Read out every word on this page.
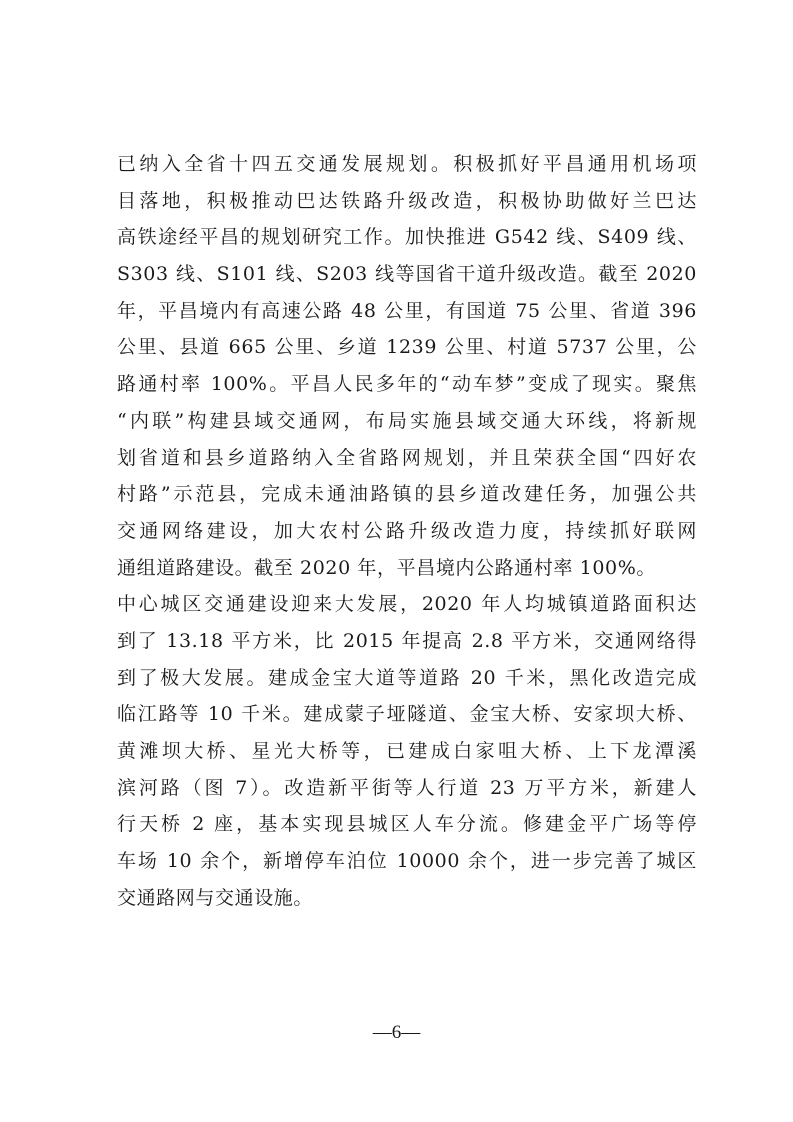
已纳入全省十四五交通发展规划。积极抓好平昌通用机场项
目落地，积极推动巴达铁路升级改造，积极协助做好兰巴达
高铁途经平昌的规划研究工作。加快推进 G542 线、S409 线、
S303 线、S101 线、S203 线等国省干道升级改造。截至 2020
年，平昌境内有高速公路 48 公里，有国道 75 公里、省道 396
公里、县道 665 公里、乡道 1239 公里、村道 5737 公里，公
路通村率 100%。平昌人民多年的“动车梦”变成了现实。聚焦
“内联”构建县域交通网，布局实施县域交通大环线，将新规
划省道和县乡道路纳入全省路网规划，并且荣获全国“四好农
村路”示范县，完成未通油路镇的县乡道改建任务，加强公共
交通网络建设，加大农村公路升级改造力度，持续抓好联网
通组道路建设。截至 2020 年，平昌境内公路通村率 100%。
中心城区交通建设迎来大发展，2020 年人均城镇道路面积达
到了 13.18 平方米，比 2015 年提高 2.8 平方米，交通网络得
到了极大发展。建成金宝大道等道路 20 千米，黑化改造完成
临江路等 10 千米。建成蒙子垭隧道、金宝大桥、安家坝大桥、
黄滩坝大桥、星光大桥等，已建成白家咀大桥、上下龙潭溪
滨河路（图 7）。改造新平街等人行道 23 万平方米，新建人
行天桥 2 座，基本实现县城区人车分流。修建金平广场等停
车场 10 余个，新增停车泊位 10000 余个，进一步完善了城区
交通路网与交通设施。
—6—
